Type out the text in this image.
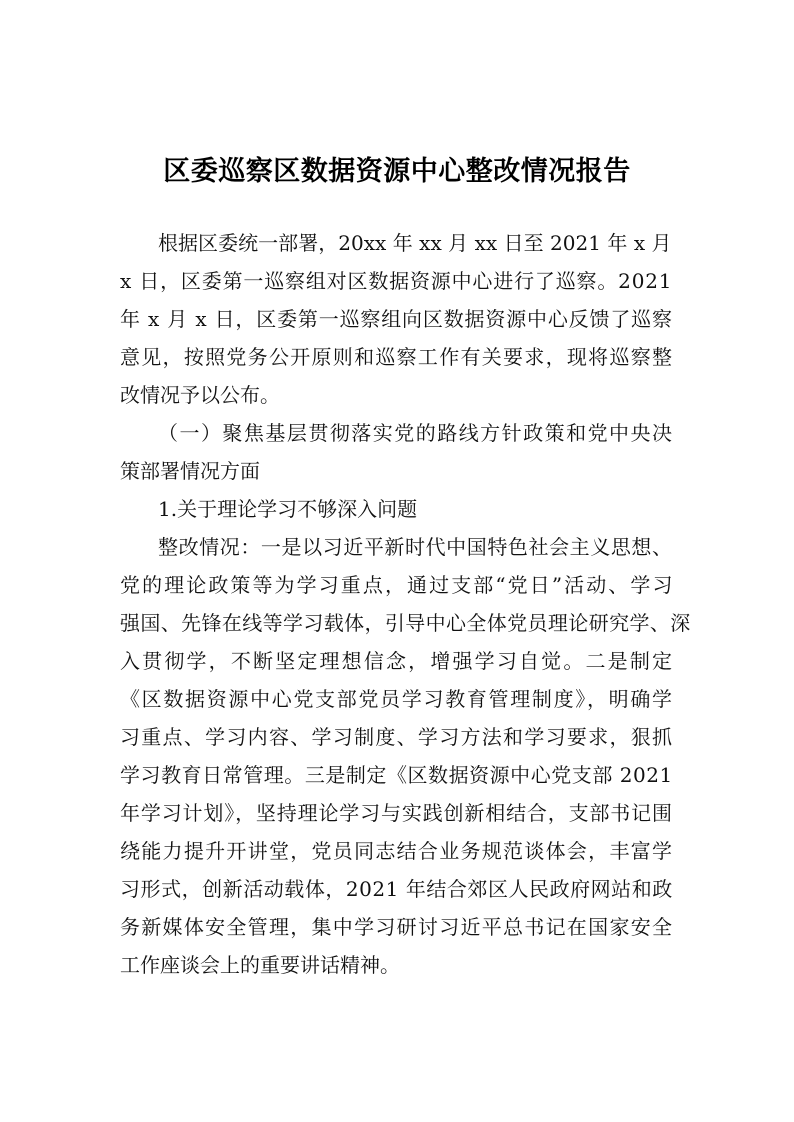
区委巡察区数据资源中心整改情况报告
根据区委统一部署，20xx 年 xx 月 xx 日至 2021 年 x 月
x 日，区委第一巡察组对区数据资源中心进行了巡察。2021
年 x 月 x 日，区委第一巡察组向区数据资源中心反馈了巡察
意见，按照党务公开原则和巡察工作有关要求，现将巡察整
改情况予以公布。
（一）聚焦基层贯彻落实党的路线方针政策和党中央决
策部署情况方面
1.关于理论学习不够深入问题
整改情况：一是以习近平新时代中国特色社会主义思想、
党的理论政策等为学习重点，通过支部“党日”活动、学习
强国、先锋在线等学习载体，引导中心全体党员理论研究学、深
入贯彻学，不断坚定理想信念，增强学习自觉。二是制定
《区数据资源中心党支部党员学习教育管理制度》，明确学
习重点、学习内容、学习制度、学习方法和学习要求，狠抓
学习教育日常管理。三是制定《区数据资源中心党支部 2021
年学习计划》，坚持理论学习与实践创新相结合，支部书记围
绕能力提升开讲堂，党员同志结合业务规范谈体会，丰富学
习形式，创新活动载体，2021 年结合郊区人民政府网站和政
务新媒体安全管理，集中学习研讨习近平总书记在国家安全
工作座谈会上的重要讲话精神。
